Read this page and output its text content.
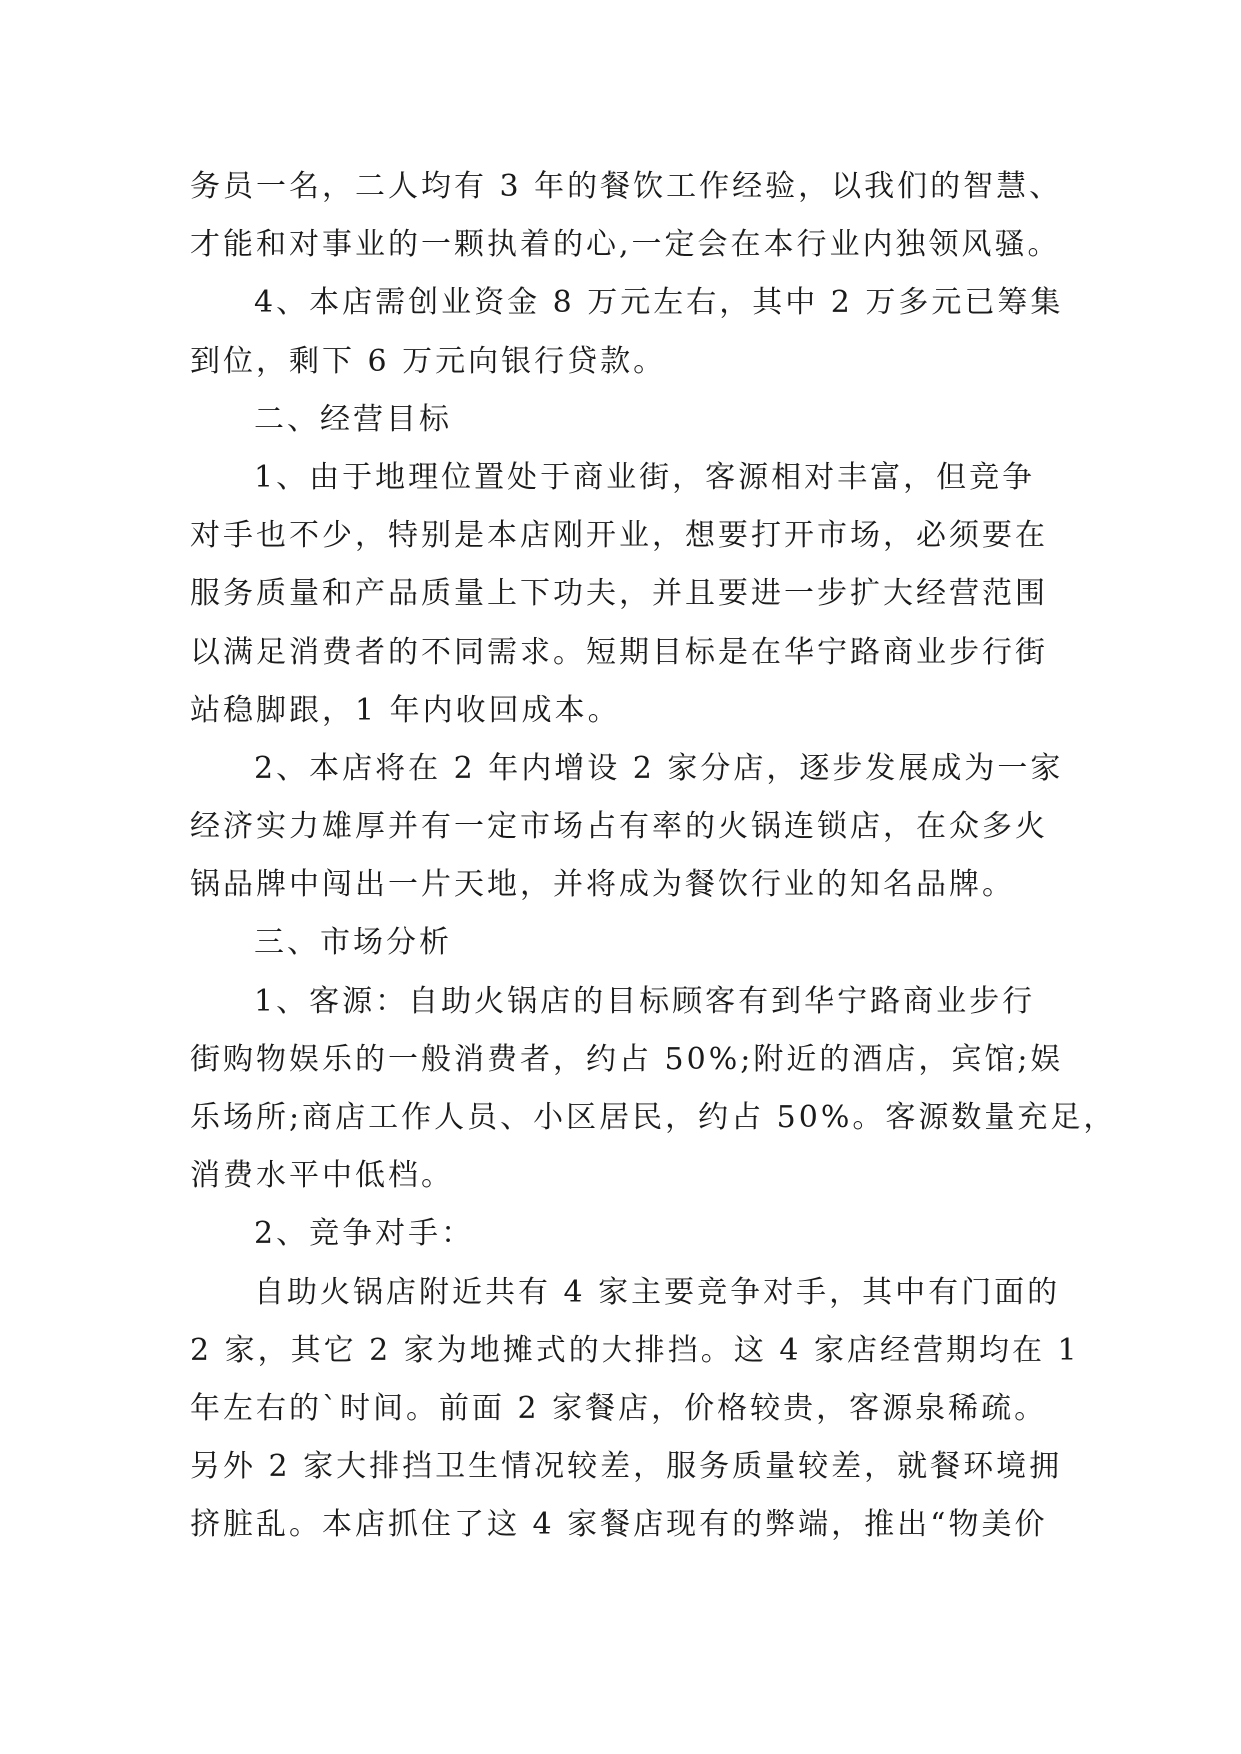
务员一名，二人均有 3 年的餐饮工作经验，以我们的智慧、
才能和对事业的一颗执着的心,一定会在本行业内独领风骚。
4、本店需创业资金 8 万元左右，其中 2 万多元已筹集
到位，剩下 6 万元向银行贷款。
二、经营目标
1、由于地理位置处于商业街，客源相对丰富，但竞争
对手也不少，特别是本店刚开业，想要打开市场，必须要在
服务质量和产品质量上下功夫，并且要进一步扩大经营范围
以满足消费者的不同需求。短期目标是在华宁路商业步行街
站稳脚跟，1 年内收回成本。
2、本店将在 2 年内增设 2 家分店，逐步发展成为一家
经济实力雄厚并有一定市场占有率的火锅连锁店，在众多火
锅品牌中闯出一片天地，并将成为餐饮行业的知名品牌。
三、市场分析
1、客源：自助火锅店的目标顾客有到华宁路商业步行
街购物娱乐的一般消费者，约占 50%;附近的酒店，宾馆;娱
乐场所;商店工作人员、小区居民，约占 50%。客源数量充足，
消费水平中低档。
2、竞争对手：
自助火锅店附近共有 4 家主要竞争对手，其中有门面的
2 家，其它 2 家为地摊式的大排挡。这 4 家店经营期均在 1
年左右的`时间。前面 2 家餐店，价格较贵，客源泉稀疏。
另外 2 家大排挡卫生情况较差，服务质量较差，就餐环境拥
挤脏乱。本店抓住了这 4 家餐店现有的弊端，推出“物美价
